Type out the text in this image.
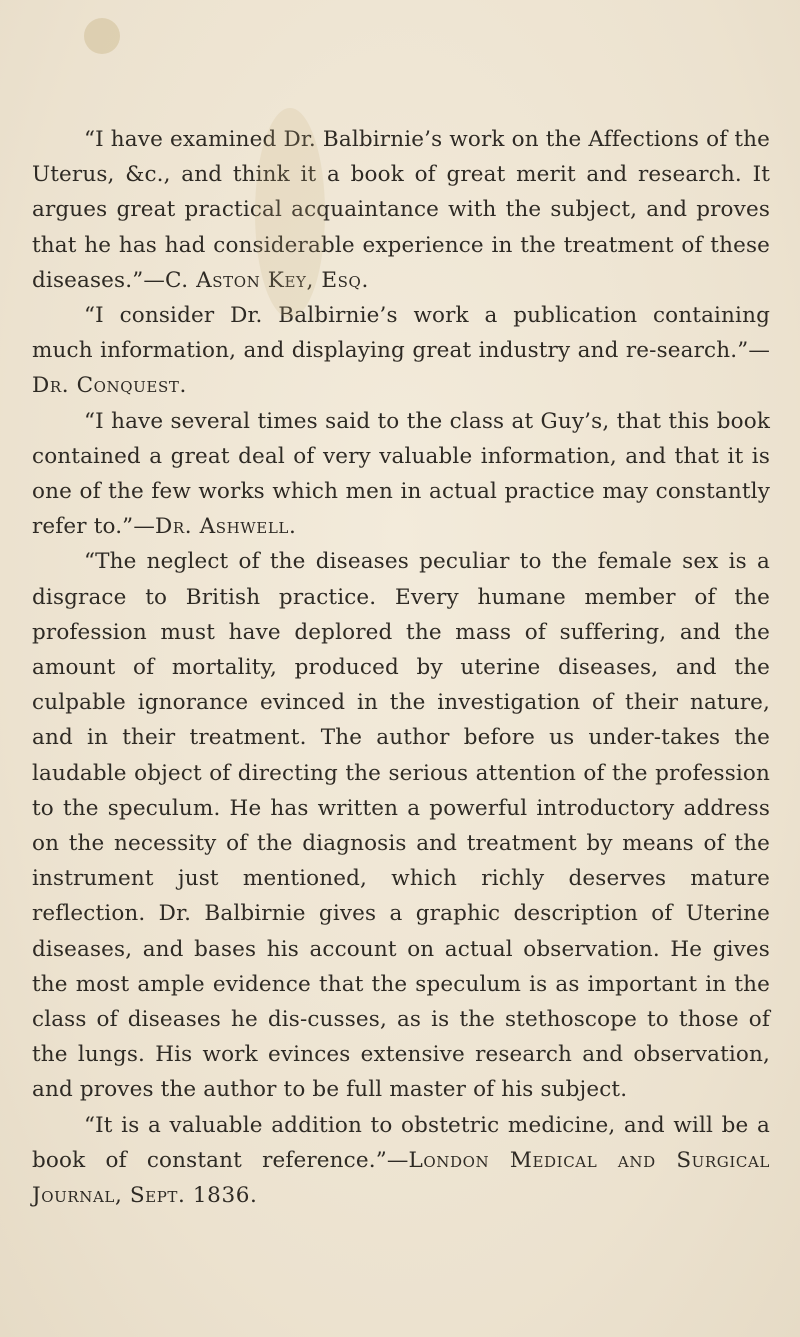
“I have examined Dr. Balbirnie’s work on the Affections of the Uterus, &c., and think it a book of great merit and research. It argues great practical acquaintance with the subject, and proves that he has had considerable experience in the treatment of these diseases.”—C. Aston Key, Esq.

“I consider Dr. Balbirnie’s work a publication containing much information, and displaying great industry and re-search.”—Dr. Conquest.

“I have several times said to the class at Guy’s, that this book contained a great deal of very valuable information, and that it is one of the few works which men in actual practice may constantly refer to.”—Dr. Ashwell.

“The neglect of the diseases peculiar to the female sex is a disgrace to British practice. Every humane member of the profession must have deplored the mass of suffering, and the amount of mortality, produced by uterine diseases, and the culpable ignorance evinced in the investigation of their nature, and in their treatment. The author before us under-takes the laudable object of directing the serious attention of the profession to the speculum. He has written a powerful introductory address on the necessity of the diagnosis and treatment by means of the instrument just mentioned, which richly deserves mature reflection. Dr. Balbirnie gives a graphic description of Uterine diseases, and bases his account on actual observation. He gives the most ample evidence that the speculum is as important in the class of diseases he dis-cusses, as is the stethoscope to those of the lungs. His work evinces extensive research and observation, and proves the author to be full master of his subject.

“It is a valuable addition to obstetric medicine, and will be a book of constant reference.”—London Medical and Surgical Journal, Sept. 1836.
